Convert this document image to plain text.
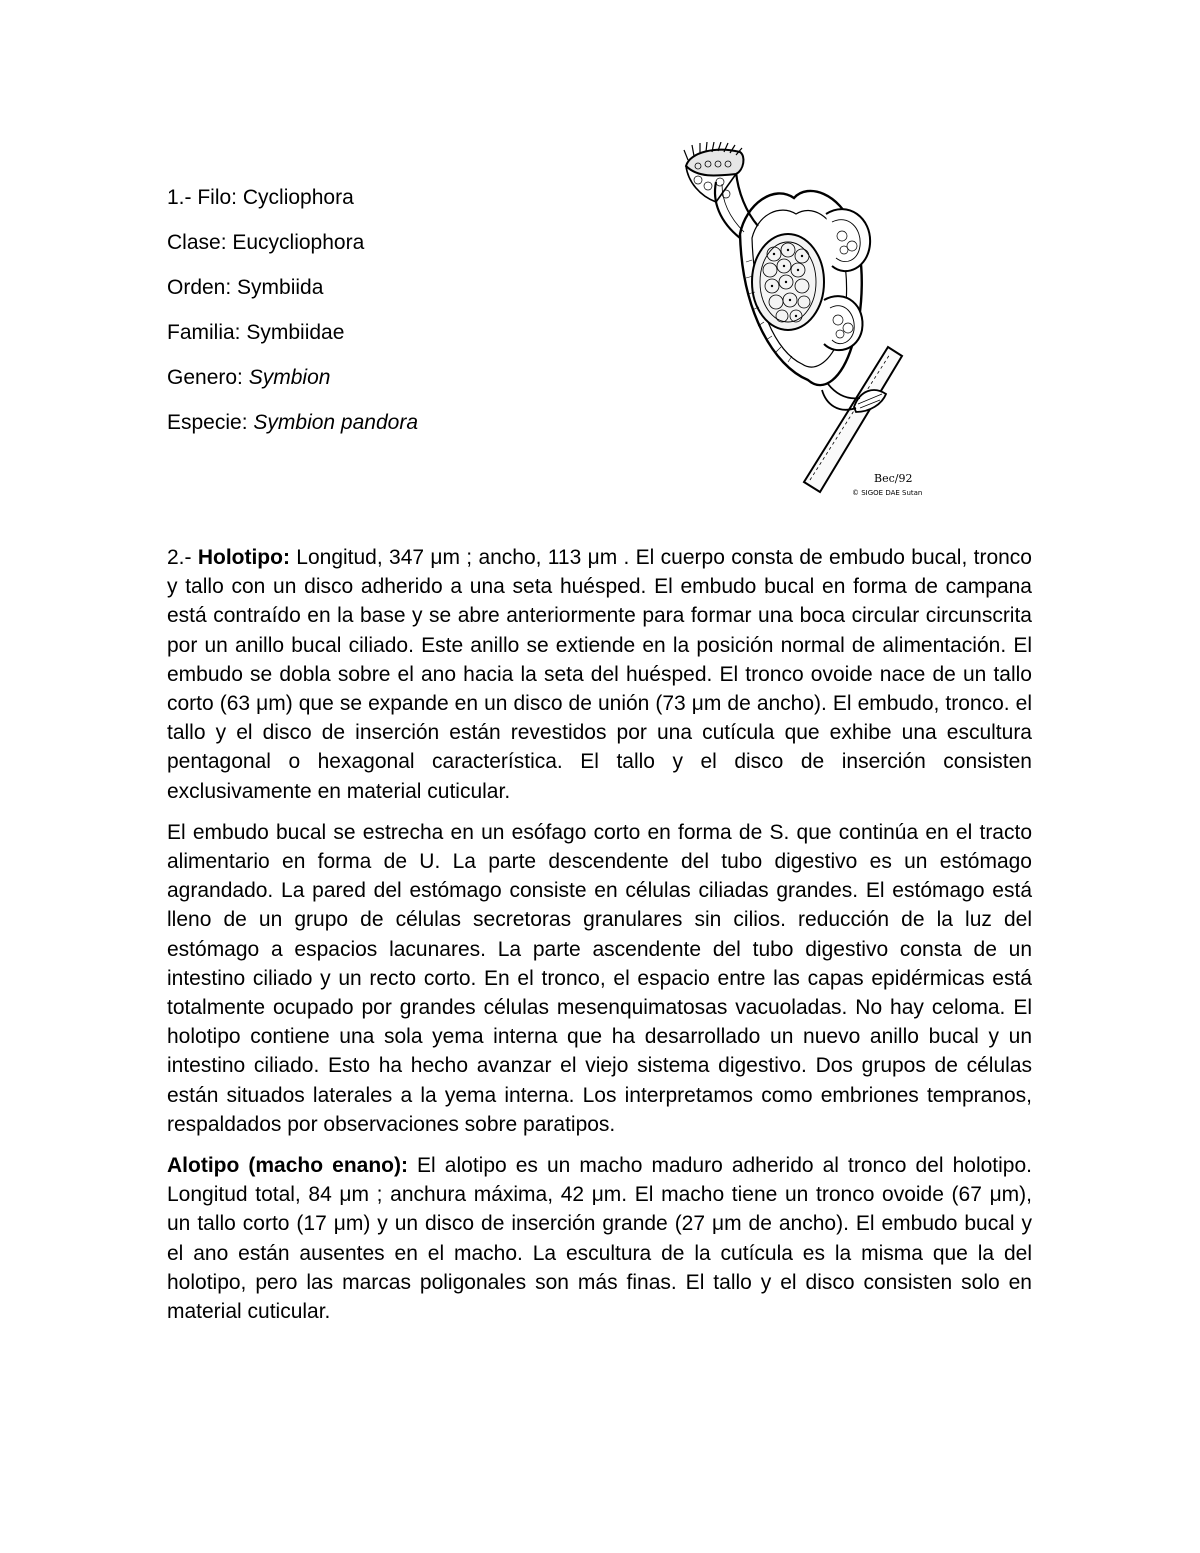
1.- Filo: Cycliophora

Clase: Eucycliophora

Orden: Symbiida

Familia: Symbiidae

Genero: Symbion

Especie: Symbion pandora

Bec/92
© SIGOE DAE Sutan

2.- Holotipo: Longitud, 347 μm ; ancho, 113 μm . El cuerpo consta de embudo bucal, tronco y tallo con un disco adherido a una seta huésped. El embudo bucal en forma de campana está contraído en la base y se abre anteriormente para formar una boca circular circunscrita por un anillo bucal ciliado. Este anillo se extiende en la posición normal de alimentación. El embudo se dobla sobre el ano hacia la seta del huésped. El tronco ovoide nace de un tallo corto (63 μm) que se expande en un disco de unión (73 μm de ancho). El embudo, tronco. el tallo y el disco de inserción están revestidos por una cutícula que exhibe una escultura pentagonal o hexagonal característica. El tallo y el disco de inserción consisten exclusivamente en material cuticular.

El embudo bucal se estrecha en un esófago corto en forma de S. que continúa en el tracto alimentario en forma de U. La parte descendente del tubo digestivo es un estómago agrandado. La pared del estómago consiste en células ciliadas grandes. El estómago está lleno de un grupo de células secretoras granulares sin cilios. reducción de la luz del estómago a espacios lacunares. La parte ascendente del tubo digestivo consta de un intestino ciliado y un recto corto. En el tronco, el espacio entre las capas epidérmicas está totalmente ocupado por grandes células mesenquimatosas vacuoladas. No hay celoma. El holotipo contiene una sola yema interna que ha desarrollado un nuevo anillo bucal y un intestino ciliado. Esto ha hecho avanzar el viejo sistema digestivo. Dos grupos de células están situados laterales a la yema interna. Los interpretamos como embriones tempranos, respaldados por observaciones sobre paratipos.

Alotipo (macho enano): El alotipo es un macho maduro adherido al tronco del holotipo. Longitud total, 84 μm ; anchura máxima, 42 μm. El macho tiene un tronco ovoide (67 μm), un tallo corto (17 μm) y un disco de inserción grande (27 μm de ancho). El embudo bucal y el ano están ausentes en el macho. La escultura de la cutícula es la misma que la del holotipo, pero las marcas poligonales son más finas. El tallo y el disco consisten solo en material cuticular.
